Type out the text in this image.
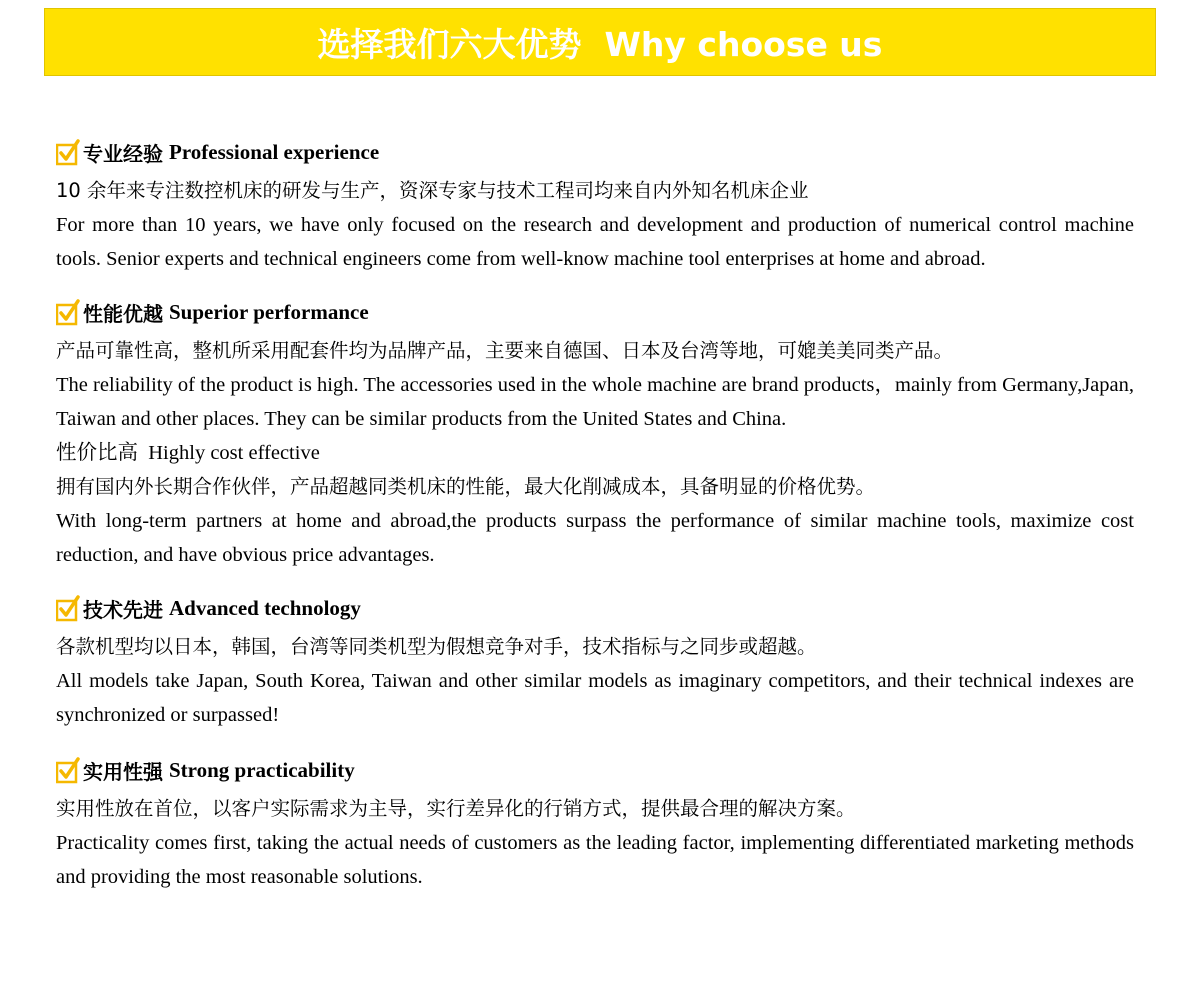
选择我们六大优势  Why choose us
专业经验 Professional experience
10 余年来专注数控机床的研发与生产，资深专家与技术工程司均来自内外知名机床企业
For more than 10 years, we have only focused on the research and development and production of numerical control machine tools. Senior experts and technical engineers come from well-know machine tool enterprises at home and abroad.
性能优越 Superior performance
产品可靠性高，整机所采用配套件均为品牌产品，主要来自德国、日本及台湾等地，可媲美美同类产品。
The reliability of the product is high. The accessories used in the whole machine are brand products，mainly from Germany,Japan, Taiwan and other places. They can be similar products from the United States and China.
性价比高  Highly cost effective
拥有国内外长期合作伙伴，产品超越同类机床的性能，最大化削减成本，具备明显的价格优势。
With long-term partners at home and abroad,the products surpass the performance of similar machine tools, maximize cost reduction, and have obvious price advantages.
技术先进 Advanced technology
各款机型均以日本，韩国，台湾等同类机型为假想竞争对手，技术指标与之同步或超越。
All models take Japan, South Korea, Taiwan and other similar models as imaginary competitors, and their technical indexes are synchronized or surpassed!
实用性强 Strong practicability
实用性放在首位，以客户实际需求为主导，实行差异化的行销方式，提供最合理的解决方案。
Practicality comes first, taking the actual needs of customers as the leading factor, implementing differentiated marketing methods and providing the most reasonable solutions.
